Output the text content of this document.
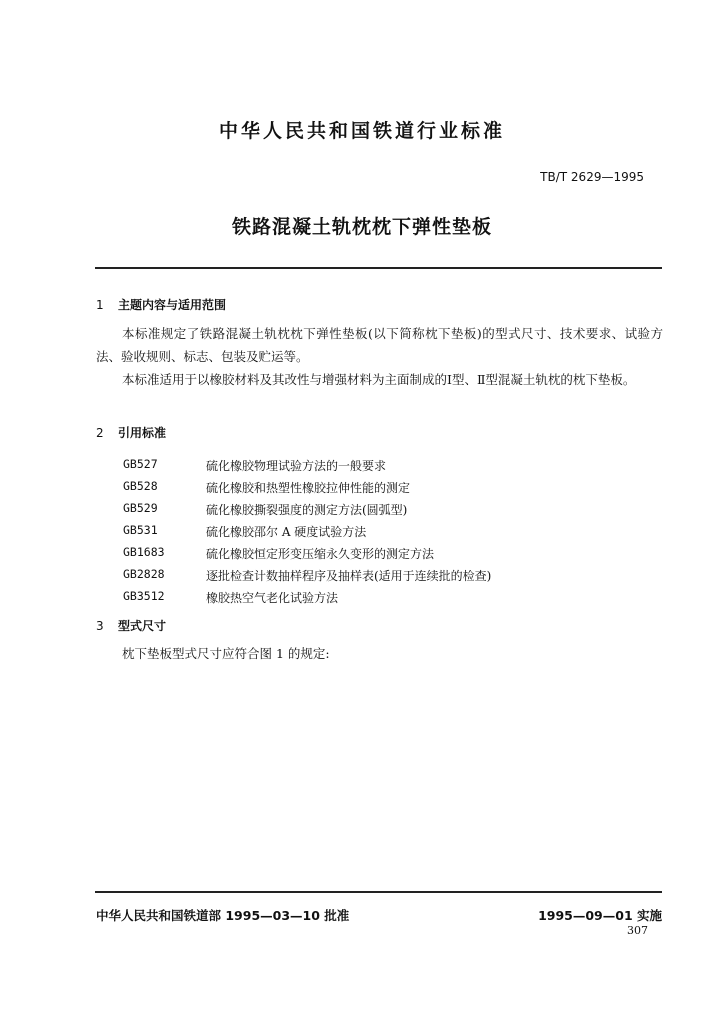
中华人民共和国铁道行业标准
TB/T 2629—1995
铁路混凝土轨枕枕下弹性垫板
1 主题内容与适用范围
本标准规定了铁路混凝土轨枕枕下弹性垫板(以下简称枕下垫板)的型式尺寸、技术要求、试验方法、验收规则、标志、包装及贮运等。
本标准适用于以橡胶材料及其改性与增强材料为主面制成的Ⅰ型、Ⅱ型混凝土轨枕的枕下垫板。
2 引用标准
GB527	硫化橡胶物理试验方法的一般要求
GB528	硫化橡胶和热塑性橡胶拉伸性能的测定
GB529	硫化橡胶撕裂强度的测定方法(圆弧型)
GB531	硫化橡胶邵尔 A 硬度试验方法
GB1683	硫化橡胶恒定形变压缩永久变形的测定方法
GB2828	逐批检查计数抽样程序及抽样表(适用于连续批的检查)
GB3512	橡胶热空气老化试验方法
3 型式尺寸
枕下垫板型式尺寸应符合图 1 的规定:
中华人民共和国铁道部 1995—03—10 批准	1995—09—01 实施
307
